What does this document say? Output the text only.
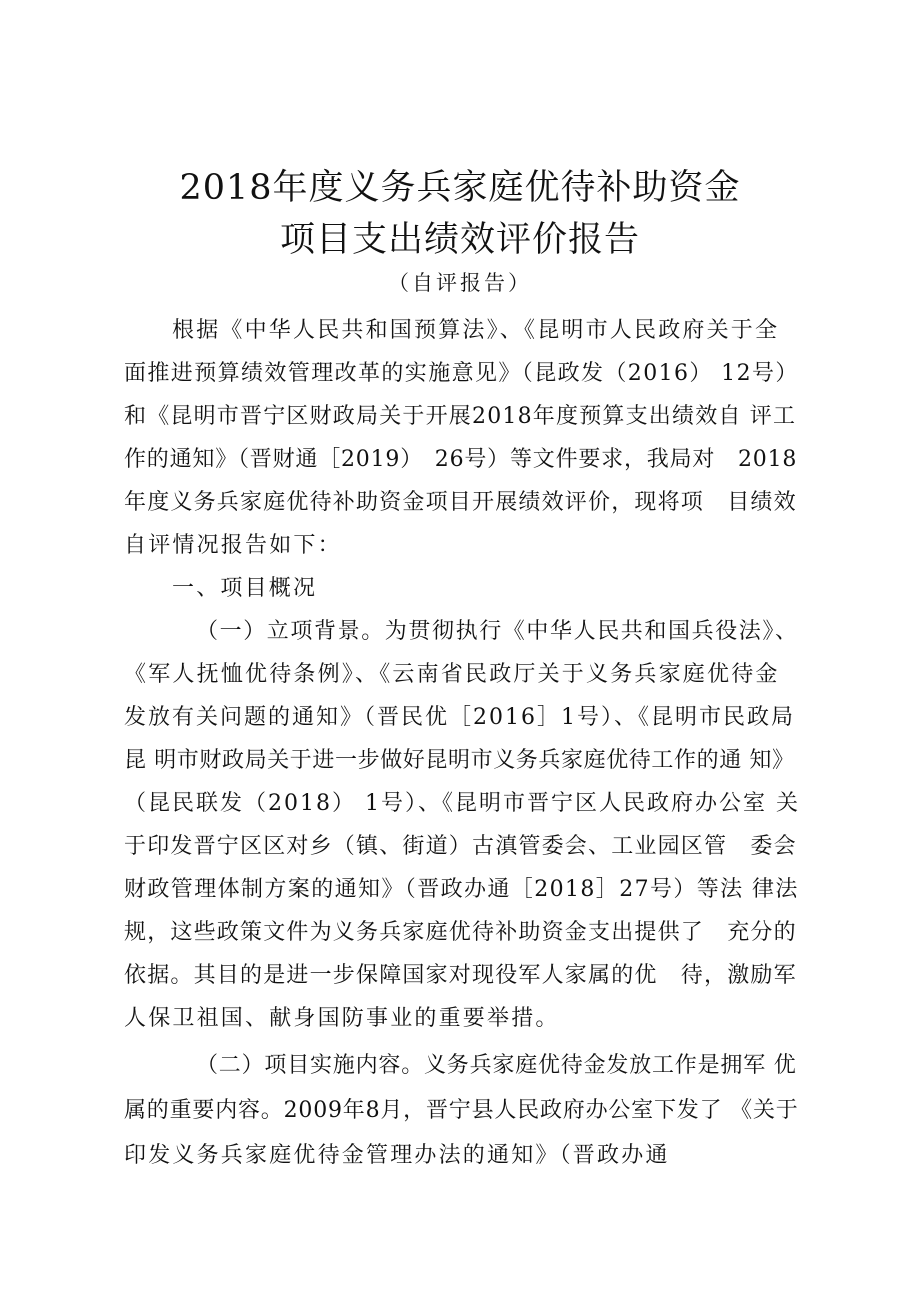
2018年度义务兵家庭优待补助资金
项目支出绩效评价报告
（自评报告）
根据《中华人民共和国预算法》、《昆明市人民政府关于全
面推进预算绩效管理改革的实施意见》（昆政发（2016） 12号）
和《昆明市晋宁区财政局关于开展2018年度预算支出绩效自 评工
作的通知》（晋财通［2019）　26号）等文件要求，我局对　2018
年度义务兵家庭优待补助资金项目开展绩效评价，现将项　目绩效
自评情况报告如下：
一、项目概况
（一）立项背景。为贯彻执行《中华人民共和国兵役法》、
《军人抚恤优待条例》、《云南省民政厅关于义务兵家庭优待金
发放有关问题的通知》（晋民优［2016］1号）、《昆明市民政局
昆 明市财政局关于进一步做好昆明市义务兵家庭优待工作的通 知》
（昆民联发（2018） 1号）、《昆明市晋宁区人民政府办公室 关
于印发晋宁区区对乡（镇、街道）古滇管委会、工业园区管　委会
财政管理体制方案的通知》（晋政办通［2018］27号）等法 律法
规，这些政策文件为义务兵家庭优待补助资金支出提供了　充分的
依据。其目的是进一步保障国家对现役军人家属的优　待，激励军
人保卫祖国、献身国防事业的重要举措。
（二）项目实施内容。义务兵家庭优待金发放工作是拥军 优
属的重要内容。2009年8月，晋宁县人民政府办公室下发了 《关于
印发义务兵家庭优待金管理办法的通知》（晋政办通
